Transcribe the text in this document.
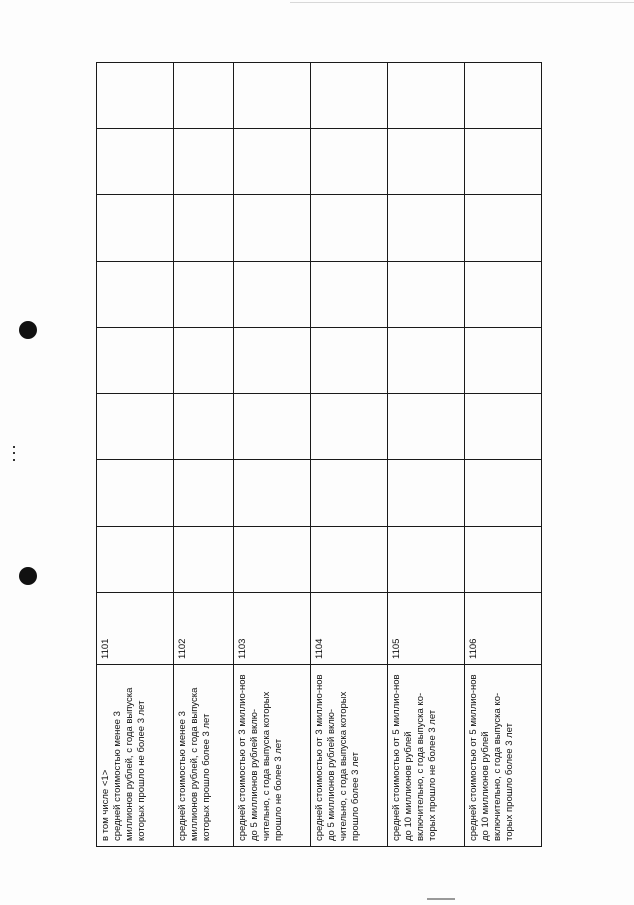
в том числе <1>
средней стоимостью менее 3 миллионов рублей, с года выпуска которых прошло не более 3 лет	1101								
средней стоимостью менее 3 миллионов рублей, с года выпуска которых прошло более 3 лет	1102								
средней стоимостью от 3 миллио-нов до 5 миллионов рублей вклю-чительно, с года выпуска которых прошло не более 3 лет	1103								
средней стоимостью от 3 миллио-нов до 5 миллионов рублей вклю-чительно, с года выпуска которых прошло более 3 лет	1104								
средней стоимостью от 5 миллио-нов до 10 миллионов рублей включительно, с года выпуска ко-торых прошло не более 3 лет	1105								
средней стоимостью от 5 миллио-нов до 10 миллионов рублей включительно, с года выпуска ко-торых прошло более 3 лет	1106								
